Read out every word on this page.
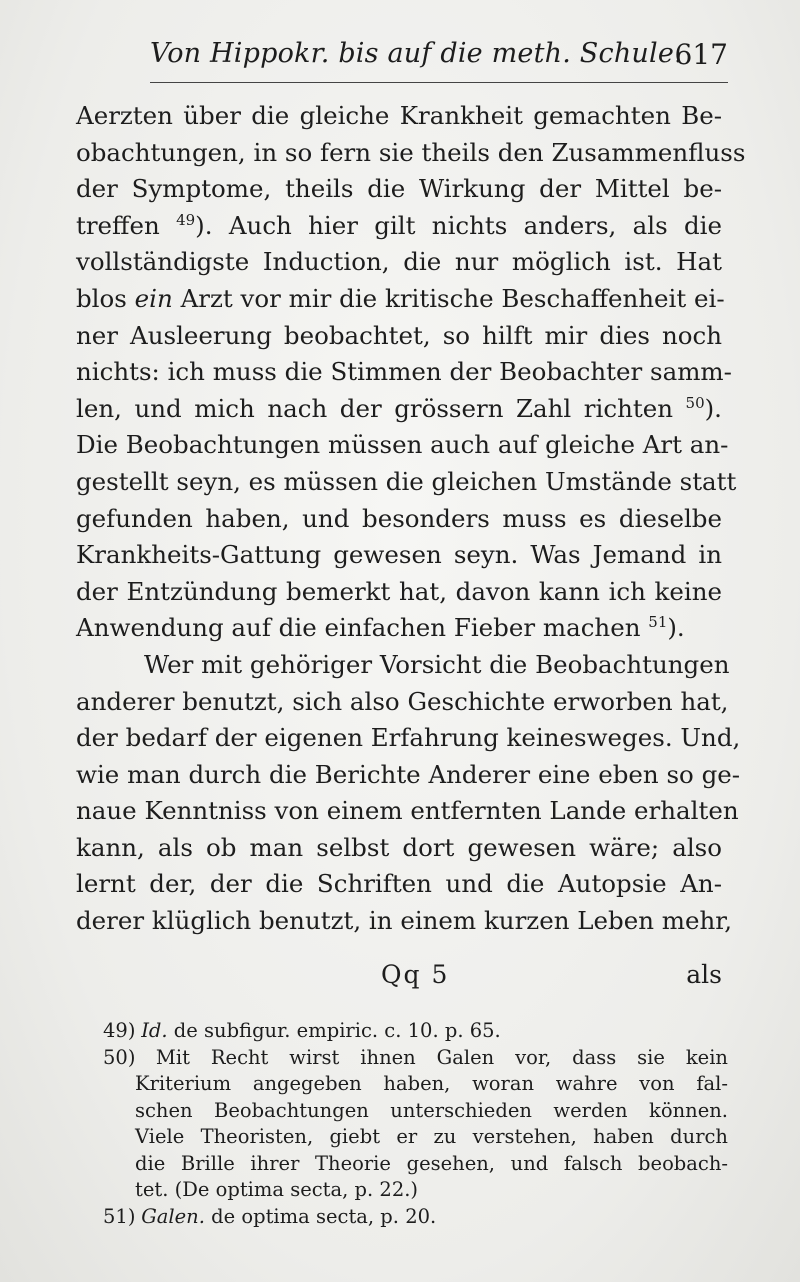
Von Hippokr. bis auf die meth. Schule.
617
Aerzten über die gleiche Krankheit gemachten Be-
obachtungen, in so fern sie theils den Zusammenfluss
der Symptome, theils die Wirkung der Mittel be-
treffen $^{49}$). Auch hier gilt nichts anders, als die
vollständigste Induction, die nur möglich ist. Hat
blos ein Arzt vor mir die kritische Beschaffenheit ei-
ner Ausleerung beobachtet, so hilft mir dies noch
nichts: ich muss die Stimmen der Beobachter samm-
len, und mich nach der grössern Zahl richten $^{50}$).
Die Beobachtungen müssen auch auf gleiche Art an-
gestellt seyn, es müssen die gleichen Umstände statt
gefunden haben, und besonders muss es dieselbe
Krankheits-Gattung gewesen seyn. Was Jemand in
der Entzündung bemerkt hat, davon kann ich keine
Anwendung auf die einfachen Fieber machen $^{51}$).
Wer mit gehöriger Vorsicht die Beobachtungen
anderer benutzt, sich also Geschichte erworben hat,
der bedarf der eigenen Erfahrung keinesweges. Und,
wie man durch die Berichte Anderer eine eben so ge-
naue Kenntniss von einem entfernten Lande erhalten
kann, als ob man selbst dort gewesen wäre; also
lernt der, der die Schriften und die Autopsie An-
derer klüglich benutzt, in einem kurzen Leben mehr,
Qq 5	als
49) Id. de subfigur. empiric. c. 10. p. 65.
50) Mit Recht wirst ihnen Galen vor, dass sie kein
Kriterium angegeben haben, woran wahre von fal-
schen Beobachtungen unterschieden werden können.
Viele Theoristen, giebt er zu verstehen, haben durch
die Brille ihrer Theorie gesehen, und falsch beobach-
tet. (De optima secta, p. 22.)
51) Galen. de optima secta, p. 20.
